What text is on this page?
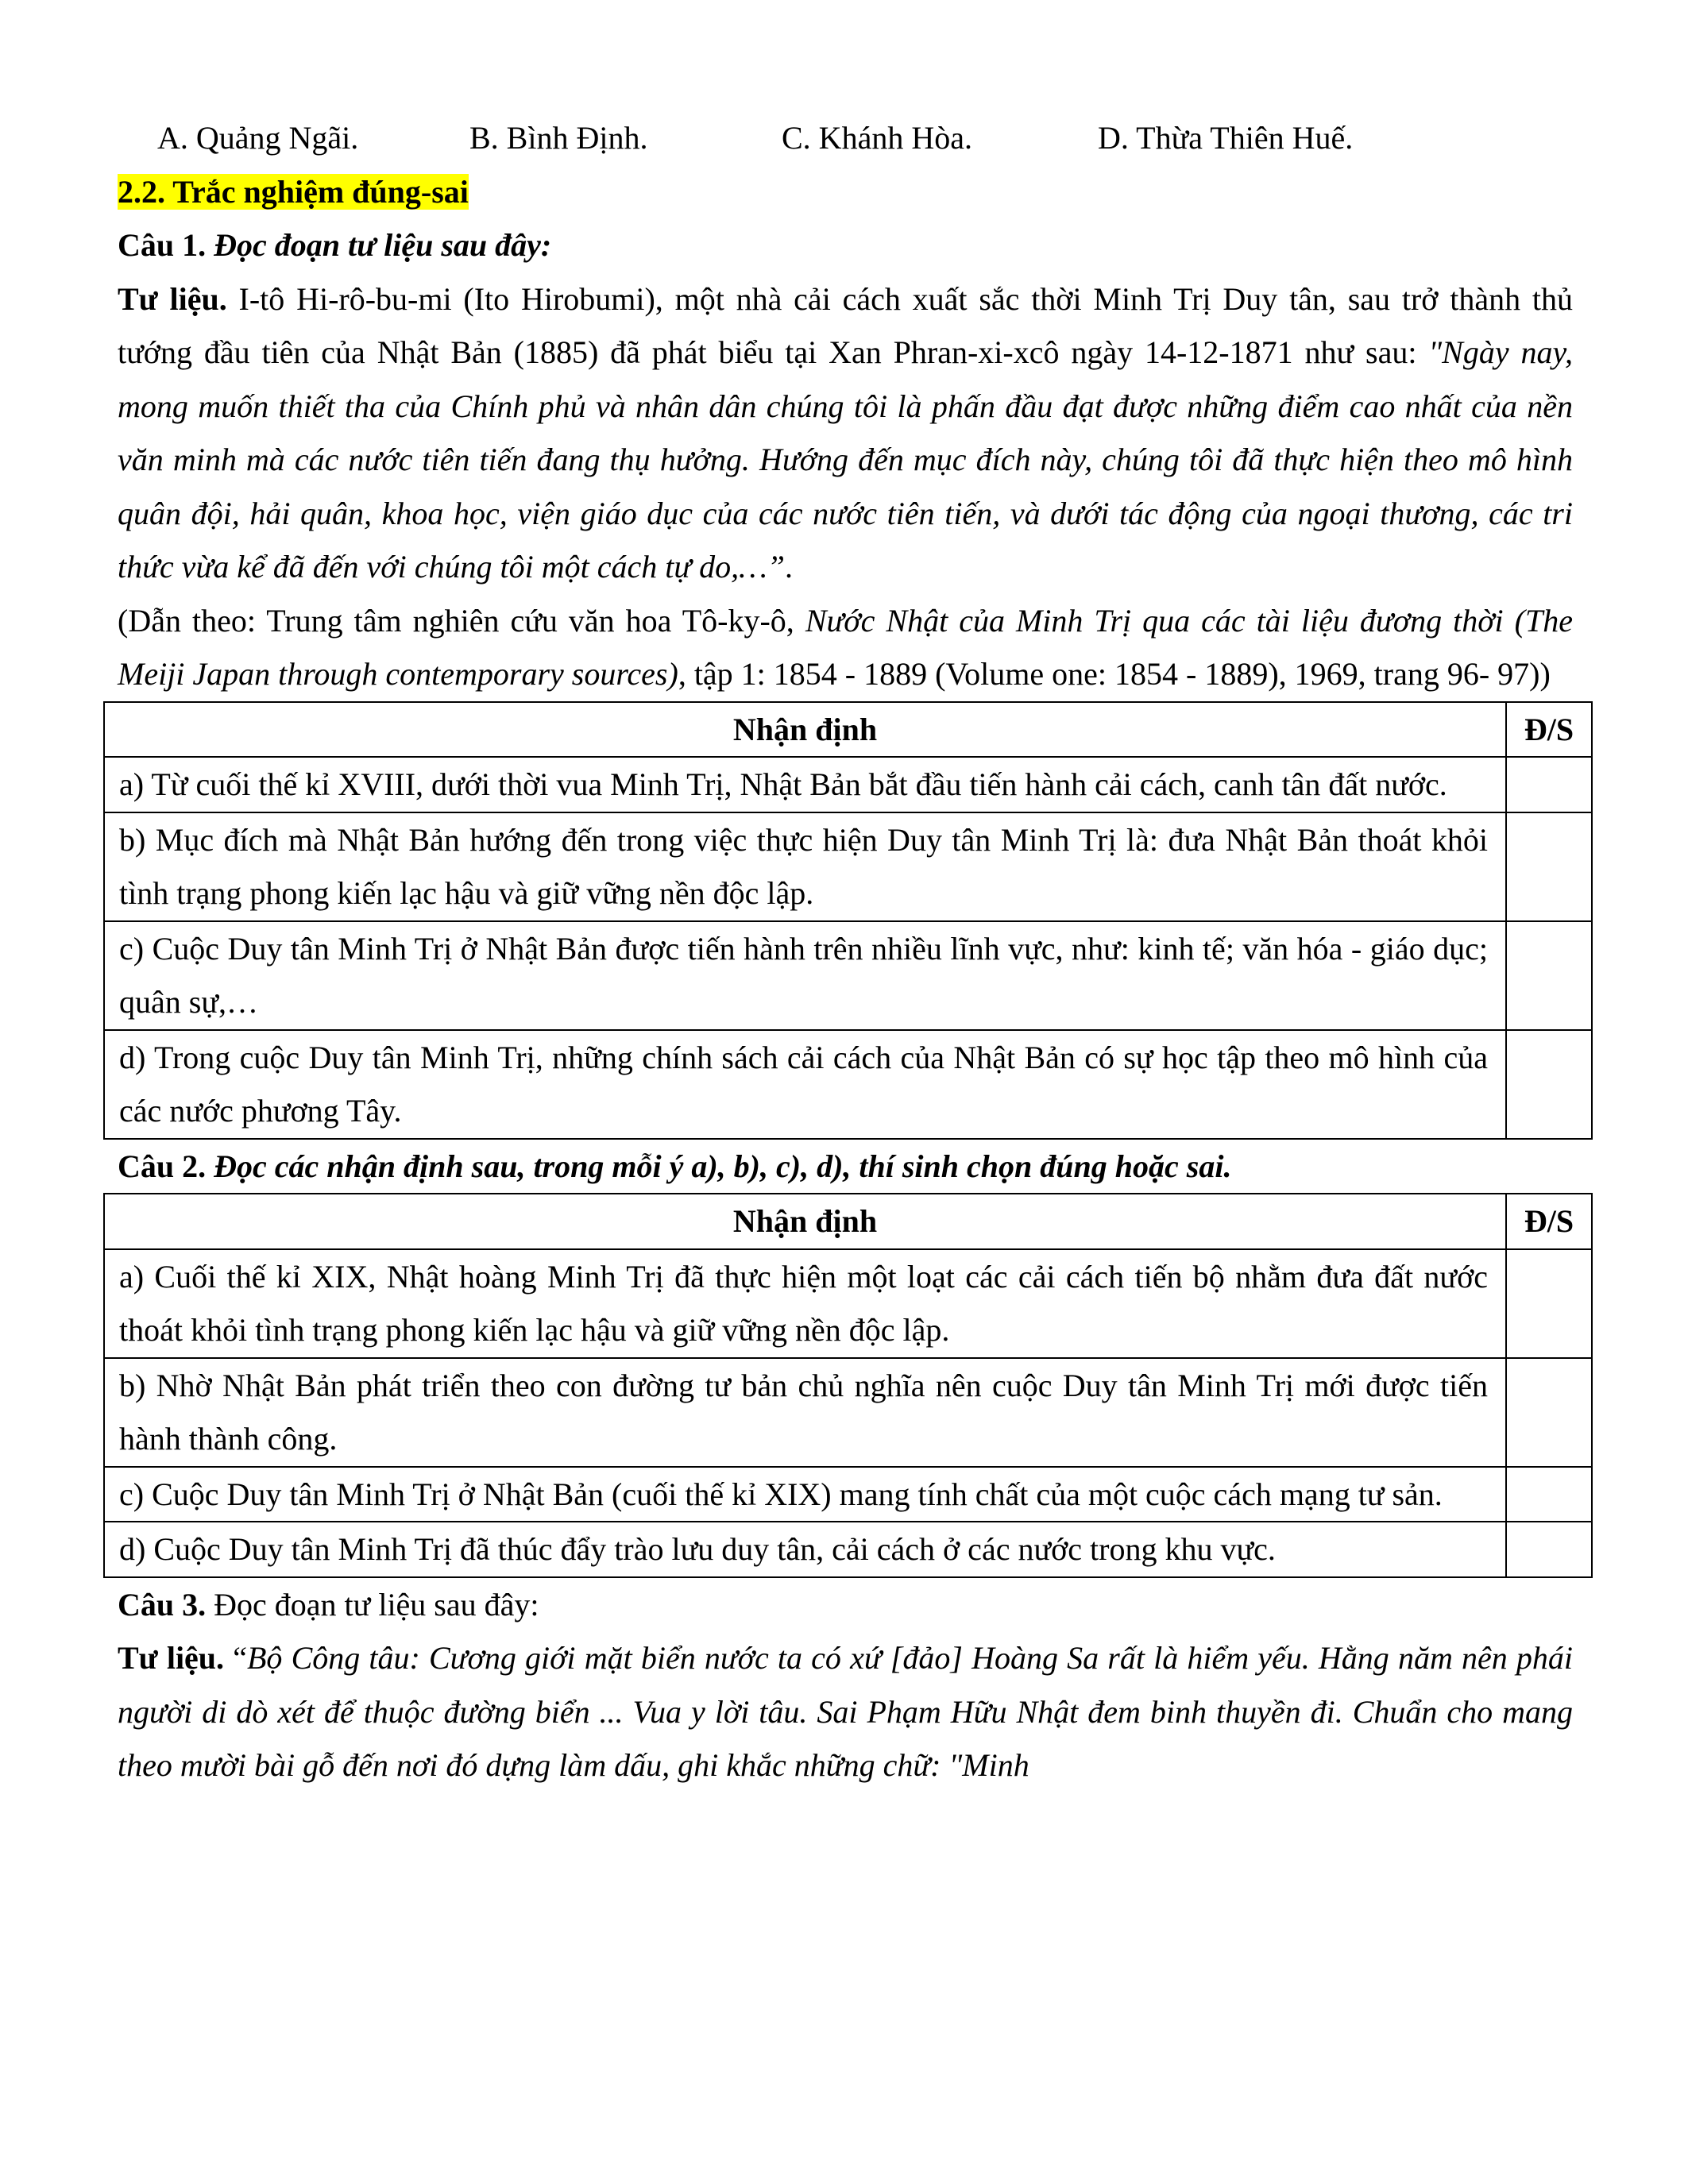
A. Quảng Ngãi.	B. Bình Định.	C. Khánh Hòa.	D. Thừa Thiên Huế.

2.2. Trắc nghiệm đúng-sai

Câu 1. Đọc đoạn tư liệu sau đây:

Tư liệu. I-tô Hi-rô-bu-mi (Ito Hirobumi), một nhà cải cách xuất sắc thời Minh Trị Duy tân, sau trở thành thủ tướng đầu tiên của Nhật Bản (1885) đã phát biểu tại Xan Phran-xi-xcô ngày 14-12-1871 như sau: "Ngày nay, mong muốn thiết tha của Chính phủ và nhân dân chúng tôi là phấn đầu đạt được những điểm cao nhất của nền văn minh mà các nước tiên tiến đang thụ hưởng. Hướng đến mục đích này, chúng tôi đã thực hiện theo mô hình quân đội, hải quân, khoa học, viện giáo dục của các nước tiên tiến, và dưới tác động của ngoại thương, các tri thức vừa kể đã đến với chúng tôi một cách tự do,…”.

(Dẫn theo: Trung tâm nghiên cứu văn hoa Tô-ky-ô, Nước Nhật của Minh Trị qua các tài liệu đương thời (The Meiji Japan through contemporary sources), tập 1: 1854 - 1889 (Volume one: 1854 - 1889), 1969, trang 96- 97))

Nhận định	Đ/S
a) Từ cuối thế kỉ XVIII, dưới thời vua Minh Trị, Nhật Bản bắt đầu tiến hành cải cách, canh tân đất nước.	
b) Mục đích mà Nhật Bản hướng đến trong việc thực hiện Duy tân Minh Trị là: đưa Nhật Bản thoát khỏi tình trạng phong kiến lạc hậu và giữ vững nền độc lập.	
c) Cuộc Duy tân Minh Trị ở Nhật Bản được tiến hành trên nhiều lĩnh vực, như: kinh tế; văn hóa - giáo dục; quân sự,…	
d) Trong cuộc Duy tân Minh Trị, những chính sách cải cách của Nhật Bản có sự học tập theo mô hình của các nước phương Tây.	

Câu 2. Đọc các nhận định sau, trong mỗi ý a), b), c), d), thí sinh chọn đúng hoặc sai.

Nhận định	Đ/S
a) Cuối thế kỉ XIX, Nhật hoàng Minh Trị đã thực hiện một loạt các cải cách tiến bộ nhằm đưa đất nước thoát khỏi tình trạng phong kiến lạc hậu và giữ vững nền độc lập.	
b) Nhờ Nhật Bản phát triển theo con đường tư bản chủ nghĩa nên cuộc Duy tân Minh Trị mới được tiến hành thành công.	
c) Cuộc Duy tân Minh Trị ở Nhật Bản (cuối thế kỉ XIX) mang tính chất của một cuộc cách mạng tư sản.	
d) Cuộc Duy tân Minh Trị đã thúc đẩy trào lưu duy tân, cải cách ở các nước trong khu vực.	

Câu 3. Đọc đoạn tư liệu sau đây:

Tư liệu. “Bộ Công tâu: Cương giới mặt biển nước ta có xứ [đảo] Hoàng Sa rất là hiểm yếu. Hằng năm nên phái người di dò xét để thuộc đường biển ... Vua y lời tâu. Sai Phạm Hữu Nhật đem binh thuyền đi. Chuẩn cho mang theo mười bài gỗ đến nơi đó dựng làm dấu, ghi khắc những chữ: "Minh
